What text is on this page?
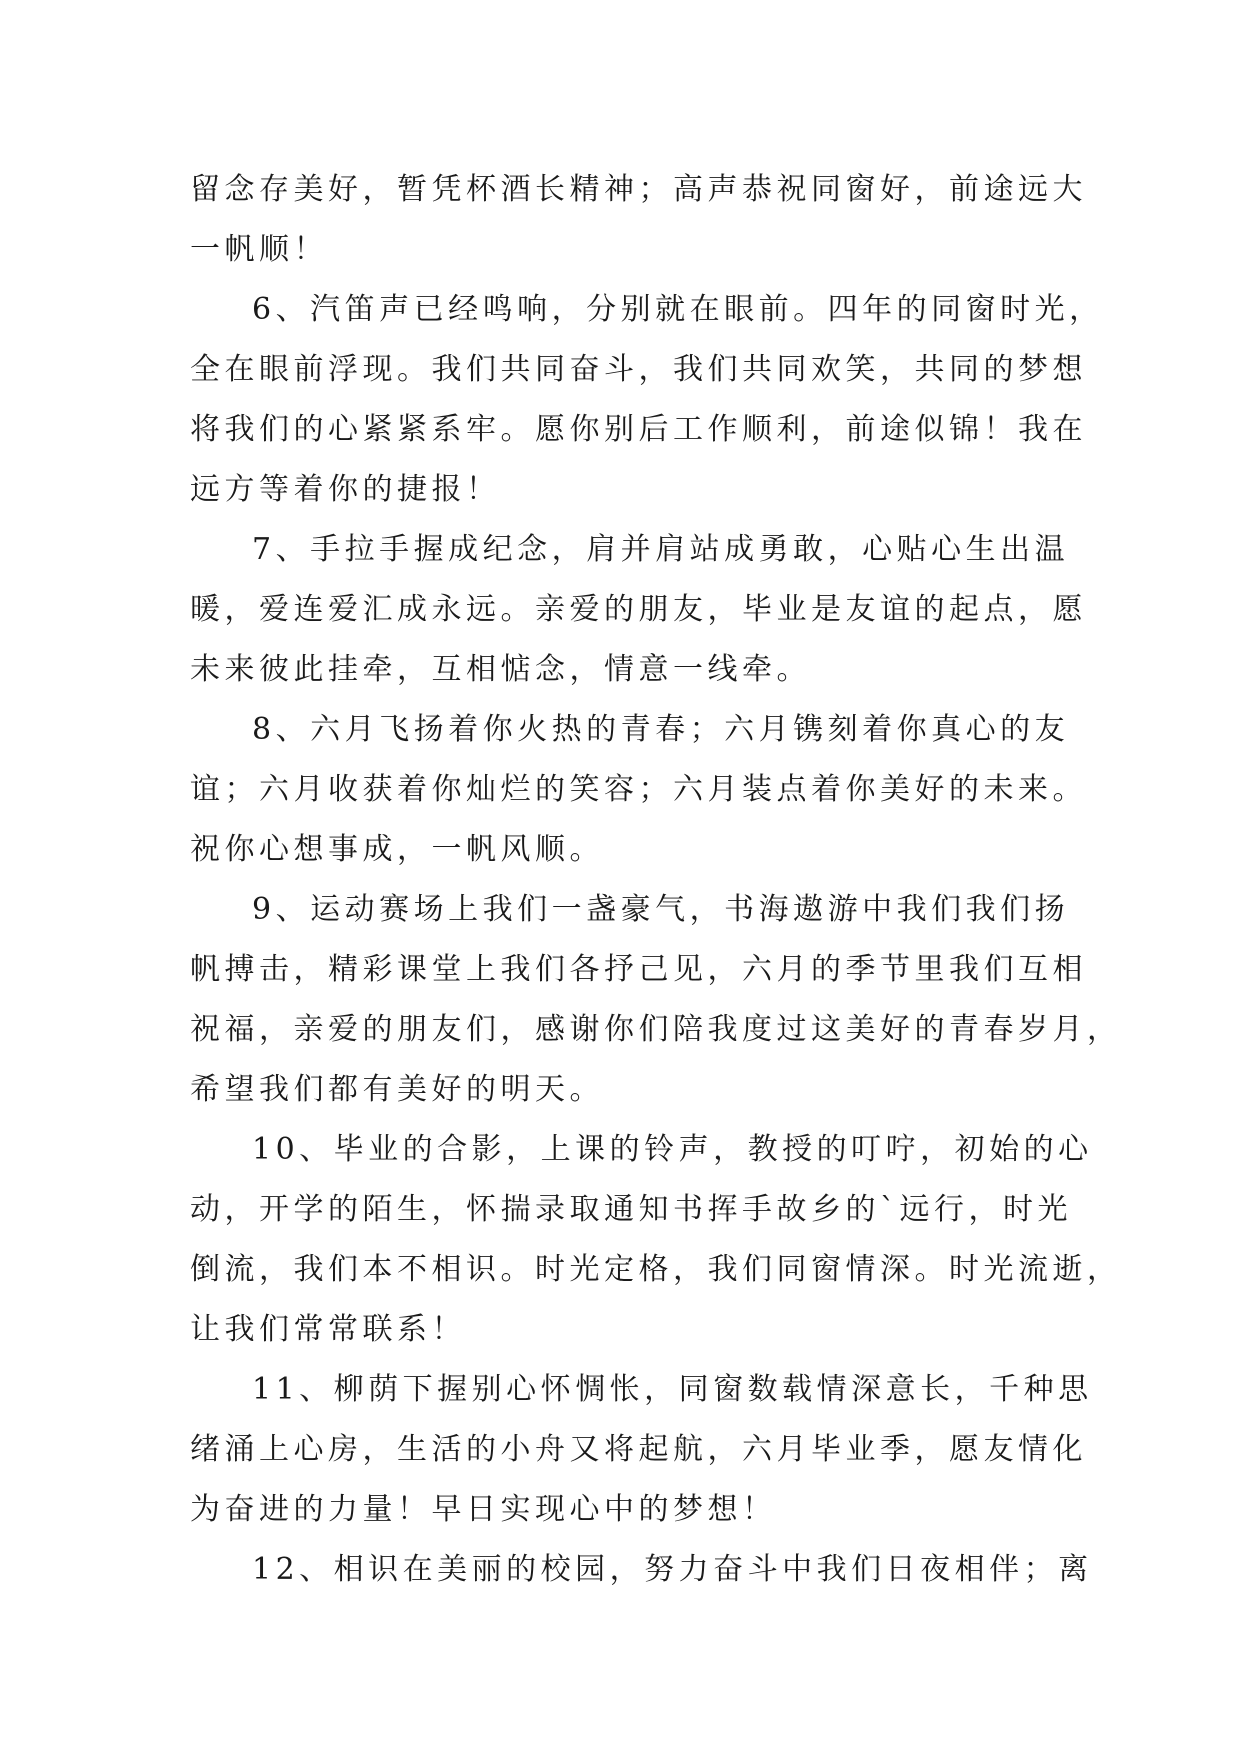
留念存美好，暂凭杯酒长精神；高声恭祝同窗好，前途远大
一帆顺！
6、汽笛声已经鸣响，分别就在眼前。四年的同窗时光，
全在眼前浮现。我们共同奋斗，我们共同欢笑，共同的梦想
将我们的心紧紧系牢。愿你别后工作顺利，前途似锦！我在
远方等着你的捷报！
7、手拉手握成纪念，肩并肩站成勇敢，心贴心生出温
暖，爱连爱汇成永远。亲爱的朋友，毕业是友谊的起点，愿
未来彼此挂牵，互相惦念，情意一线牵。
8、六月飞扬着你火热的青春；六月镌刻着你真心的友
谊；六月收获着你灿烂的笑容；六月装点着你美好的未来。
祝你心想事成，一帆风顺。
9、运动赛场上我们一盏豪气，书海遨游中我们我们扬
帆搏击，精彩课堂上我们各抒己见，六月的季节里我们互相
祝福，亲爱的朋友们，感谢你们陪我度过这美好的青春岁月，
希望我们都有美好的明天。
10、毕业的合影，上课的铃声，教授的叮咛，初始的心
动，开学的陌生，怀揣录取通知书挥手故乡的`远行，时光
倒流，我们本不相识。时光定格，我们同窗情深。时光流逝，
让我们常常联系！
11、柳荫下握别心怀惆怅，同窗数载情深意长，千种思
绪涌上心房，生活的小舟又将起航，六月毕业季，愿友情化
为奋进的力量！早日实现心中的梦想！
12、相识在美丽的校园，努力奋斗中我们日夜相伴；离
